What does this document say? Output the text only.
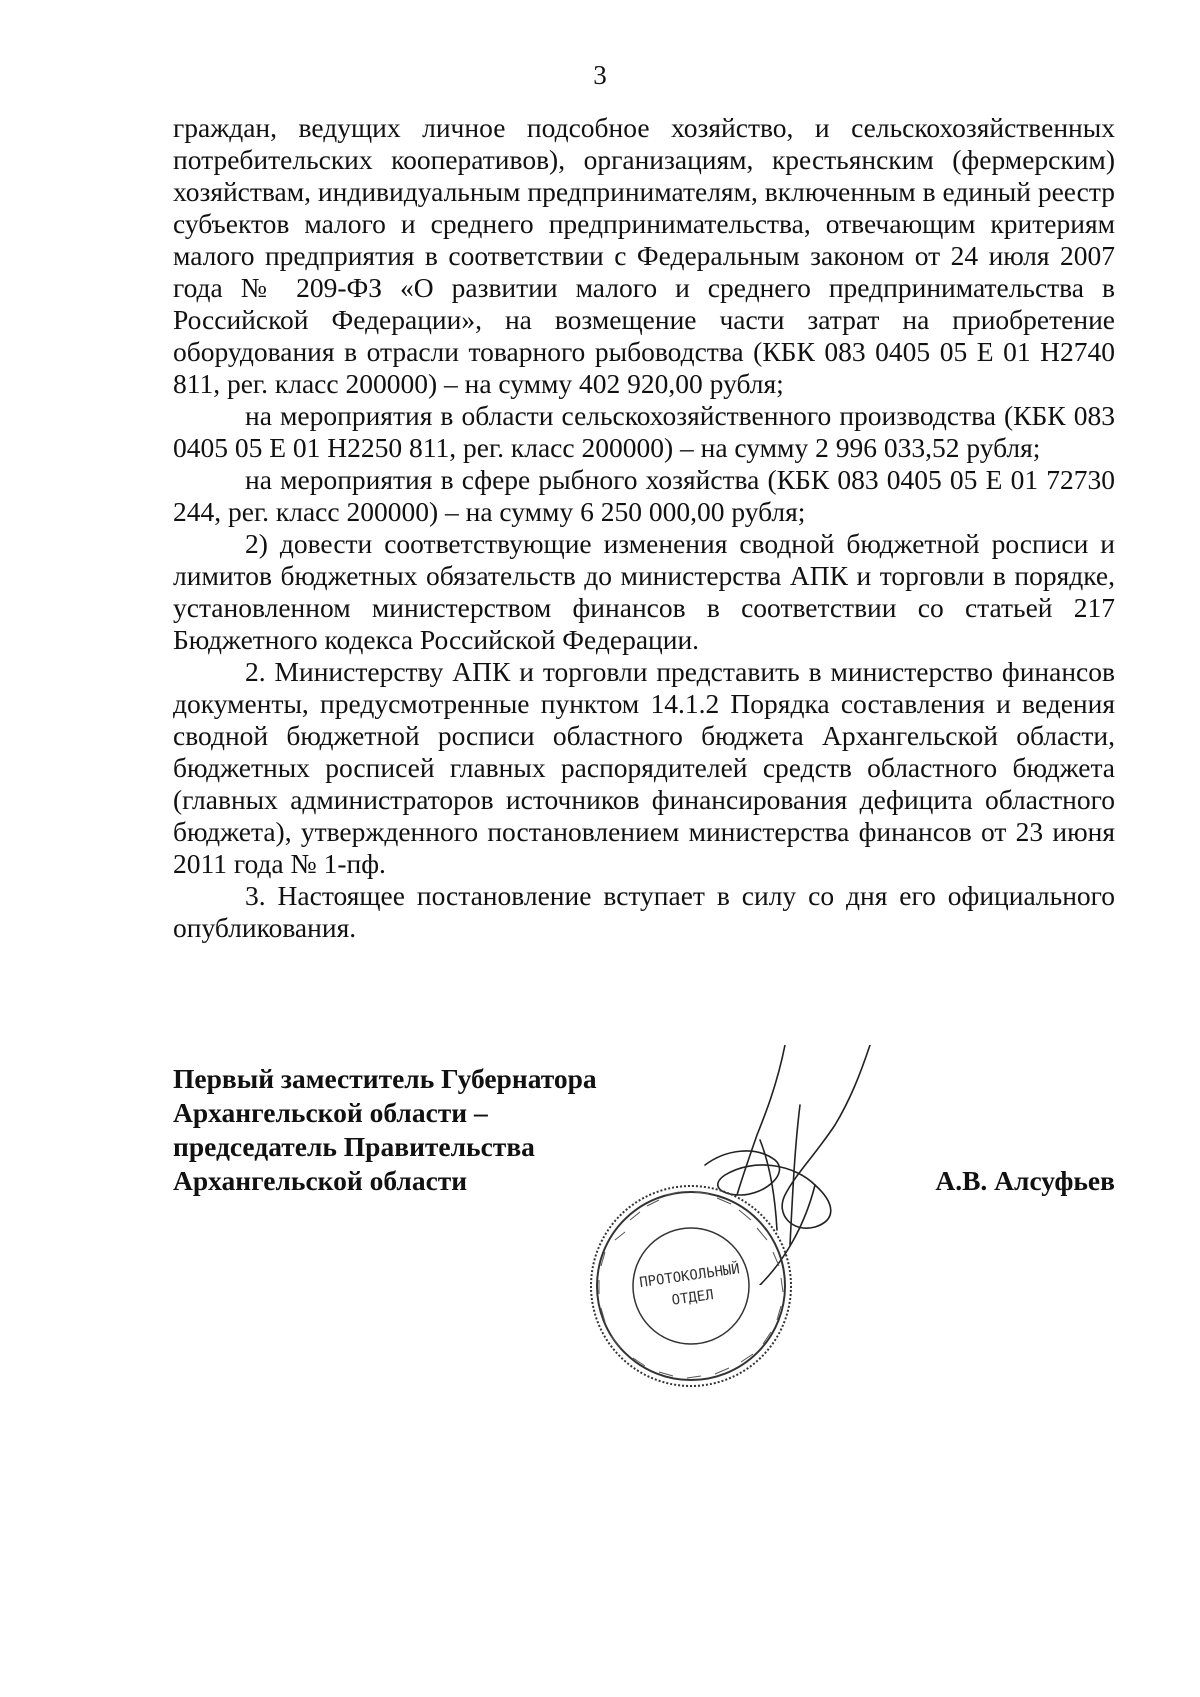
3

граждан, ведущих личное подсобное хозяйство, и сельскохозяйственных потребительских кооперативов), организациям, крестьянским (фермерским) хозяйствам, индивидуальным предпринимателям, включенным в единый реестр субъектов малого и среднего предпринимательства, отвечающим критериям малого предприятия в соответствии с Федеральным законом от 24 июля 2007 года № 209-ФЗ «О развитии малого и среднего предпринимательства в Российской Федерации», на возмещение части затрат на приобретение оборудования в отрасли товарного рыбоводства (КБК 083 0405 05 Е 01 Н2740 811, рег. класс 200000) – на сумму 402 920,00 рубля;

на мероприятия в области сельскохозяйственного производства (КБК 083 0405 05 Е 01 Н2250 811, рег. класс 200000) – на сумму 2 996 033,52 рубля;

на мероприятия в сфере рыбного хозяйства (КБК 083 0405 05 Е 01 72730 244, рег. класс 200000) – на сумму 6 250 000,00 рубля;

2) довести соответствующие изменения сводной бюджетной росписи и лимитов бюджетных обязательств до министерства АПК и торговли в порядке, установленном министерством финансов в соответствии со статьей 217 Бюджетного кодекса Российской Федерации.

2. Министерству АПК и торговли представить в министерство финансов документы, предусмотренные пунктом 14.1.2 Порядка составления и ведения сводной бюджетной росписи областного бюджета Архангельской области, бюджетных росписей главных распорядителей средств областного бюджета (главных администраторов источников финансирования дефицита областного бюджета), утвержденного постановлением министерства финансов от 23 июня 2011 года № 1-пф.

3. Настоящее постановление вступает в силу со дня его официального опубликования.

Первый заместитель Губернатора
Архангельской области –
председатель Правительства
Архангельской области	А.В. Алсуфьев
ПРОТОКОЛЬНЫЙ
ОТДЕЛ
